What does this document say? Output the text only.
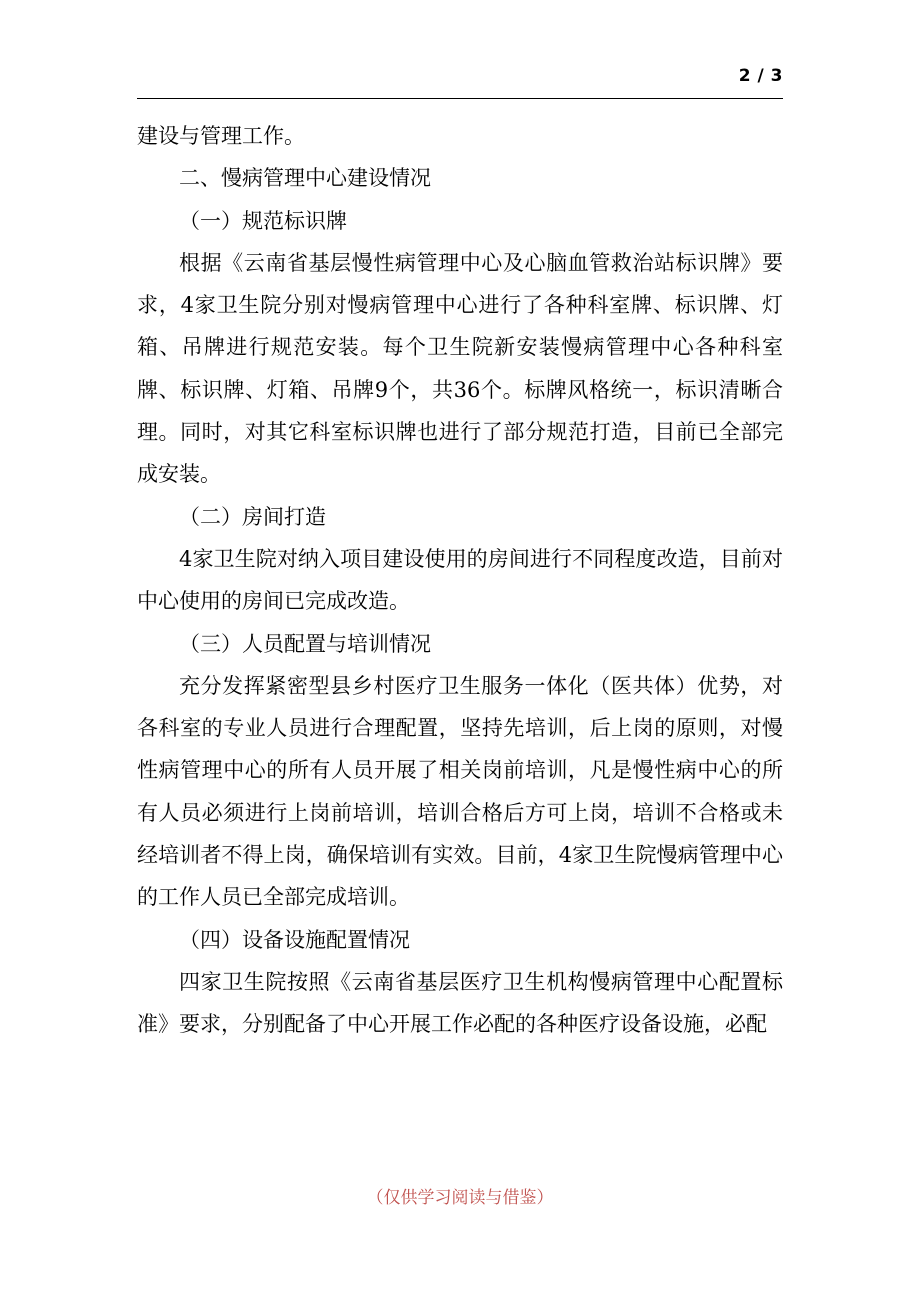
2 / 3

建设与管理工作。

二、慢病管理中心建设情况

（一）规范标识牌

根据《云南省基层慢性病管理中心及心脑血管救治站标识牌》要求，4家卫生院分别对慢病管理中心进行了各种科室牌、标识牌、灯箱、吊牌进行规范安装。每个卫生院新安装慢病管理中心各种科室牌、标识牌、灯箱、吊牌9个，共36个。标牌风格统一，标识清晰合理。同时，对其它科室标识牌也进行了部分规范打造，目前已全部完成安装。

（二）房间打造

4家卫生院对纳入项目建设使用的房间进行不同程度改造，目前对中心使用的房间已完成改造。

（三）人员配置与培训情况

充分发挥紧密型县乡村医疗卫生服务一体化（医共体）优势，对各科室的专业人员进行合理配置，坚持先培训，后上岗的原则，对慢性病管理中心的所有人员开展了相关岗前培训，凡是慢性病中心的所有人员必须进行上岗前培训，培训合格后方可上岗，培训不合格或未经培训者不得上岗，确保培训有实效。目前，4家卫生院慢病管理中心的工作人员已全部完成培训。

（四）设备设施配置情况

四家卫生院按照《云南省基层医疗卫生机构慢病管理中心配置标准》要求，分别配备了中心开展工作必配的各种医疗设备设施，必配

（仅供学习阅读与借鉴）
